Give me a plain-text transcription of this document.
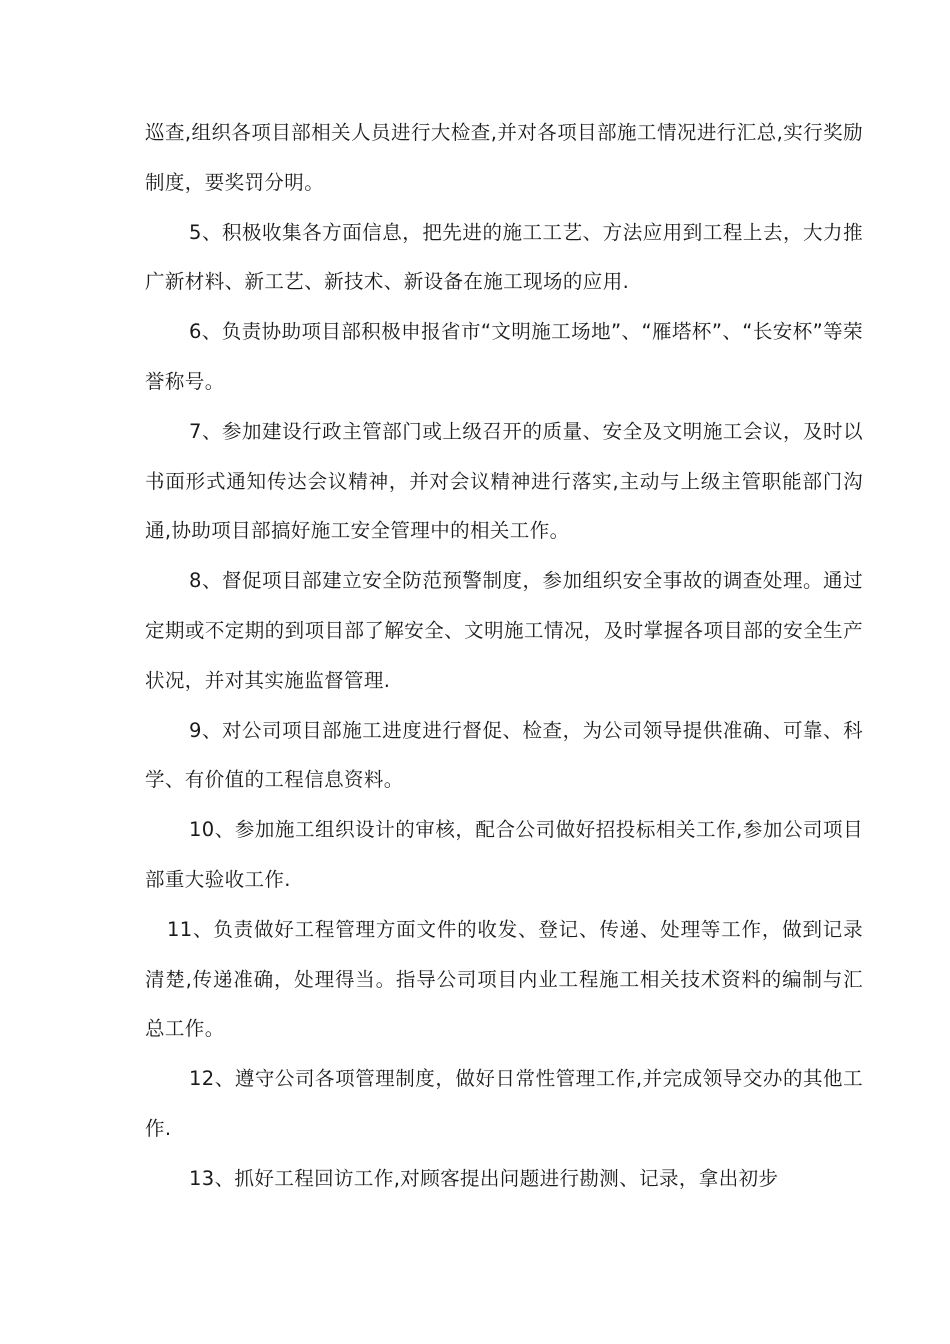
巡查,组织各项目部相关人员进行大检查,并对各项目部施工情况进行汇总,实行奖励制度，要奖罚分明。

5、积极收集各方面信息，把先进的施工工艺、方法应用到工程上去，大力推广新材料、新工艺、新技术、新设备在施工现场的应用.

6、负责协助项目部积极申报省市“文明施工场地”、“雁塔杯”、“长安杯”等荣誉称号。

7、参加建设行政主管部门或上级召开的质量、安全及文明施工会议，及时以书面形式通知传达会议精神，并对会议精神进行落实,主动与上级主管职能部门沟通,协助项目部搞好施工安全管理中的相关工作。

8、督促项目部建立安全防范预警制度，参加组织安全事故的调查处理。通过定期或不定期的到项目部了解安全、文明施工情况，及时掌握各项目部的安全生产状况，并对其实施监督管理.

9、对公司项目部施工进度进行督促、检查，为公司领导提供准确、可靠、科学、有价值的工程信息资料。

10、参加施工组织设计的审核，配合公司做好招投标相关工作,参加公司项目部重大验收工作.

11、负责做好工程管理方面文件的收发、登记、传递、处理等工作，做到记录清楚,传递准确，处理得当。指导公司项目内业工程施工相关技术资料的编制与汇总工作。

12、遵守公司各项管理制度，做好日常性管理工作,并完成领导交办的其他工作.

13、抓好工程回访工作,对顾客提出问题进行勘测、记录，拿出初步
